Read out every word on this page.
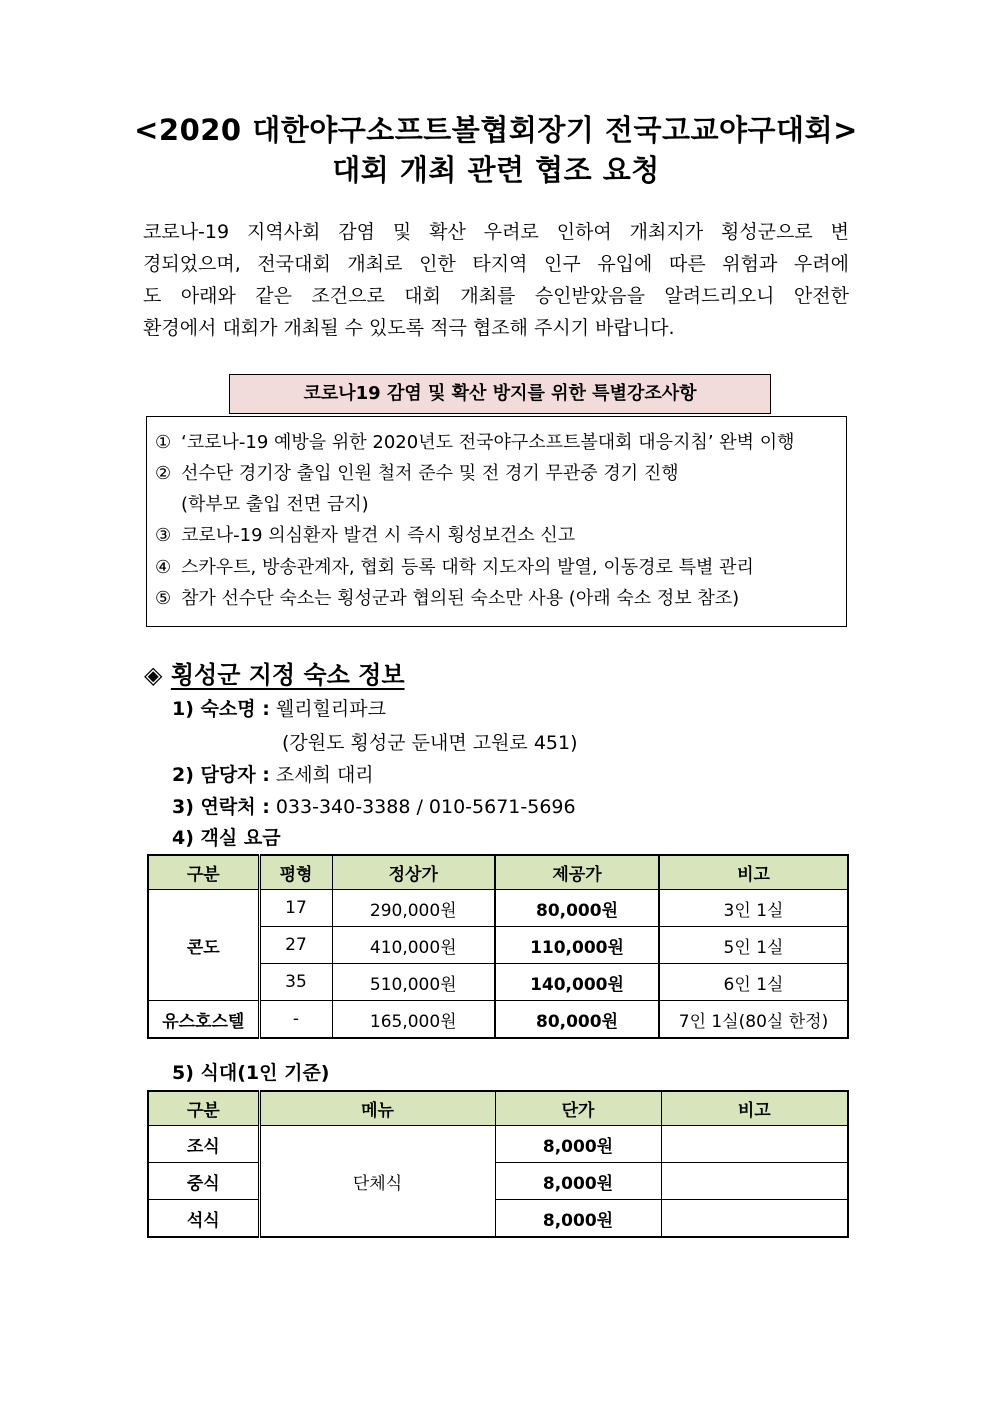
<2020 대한야구소프트볼협회장기 전국고교야구대회>
대회 개최 관련 협조 요청
코로나-19 지역사회 감염 및 확산 우려로 인하여 개최지가 횡성군으로 변
경되었으며, 전국대회 개최로 인한 타지역 인구 유입에 따른 위험과 우려에
도 아래와 같은 조건으로 대회 개최를 승인받았음을 알려드리오니 안전한
환경에서 대회가 개최될 수 있도록 적극 협조해 주시기 바랍니다.
코로나19 감염 및 확산 방지를 위한 특별강조사항
① ‘코로나-19 예방을 위한 2020년도 전국야구소프트볼대회 대응지침’ 완벽 이행
② 선수단 경기장 출입 인원 철저 준수 및 전 경기 무관중 경기 진행
(학부모 출입 전면 금지)
③ 코로나-19 의심환자 발견 시 즉시 횡성보건소 신고
④ 스카우트, 방송관계자, 협회 등록 대학 지도자의 발열, 이동경로 특별 관리
⑤ 참가 선수단 숙소는 횡성군과 협의된 숙소만 사용 (아래 숙소 정보 참조)
◈ 횡성군 지정 숙소 정보
1) 숙소명 : 웰리힐리파크
(강원도 횡성군 둔내면 고원로 451)
2) 담당자 : 조세희 대리
3) 연락처 : 033-340-3388 / 010-5671-5696
4) 객실 요금
구분	평형	정상가	제공가	비고
콘도	17	290,000원	80,000원	3인 1실
	27	410,000원	110,000원	5인 1실
	35	510,000원	140,000원	6인 1실
유스호스텔	-	165,000원	80,000원	7인 1실(80실 한정)
5) 식대(1인 기준)
구분	메뉴	단가	비고
조식	단체식	8,000원	
중식		8,000원	
석식		8,000원	
